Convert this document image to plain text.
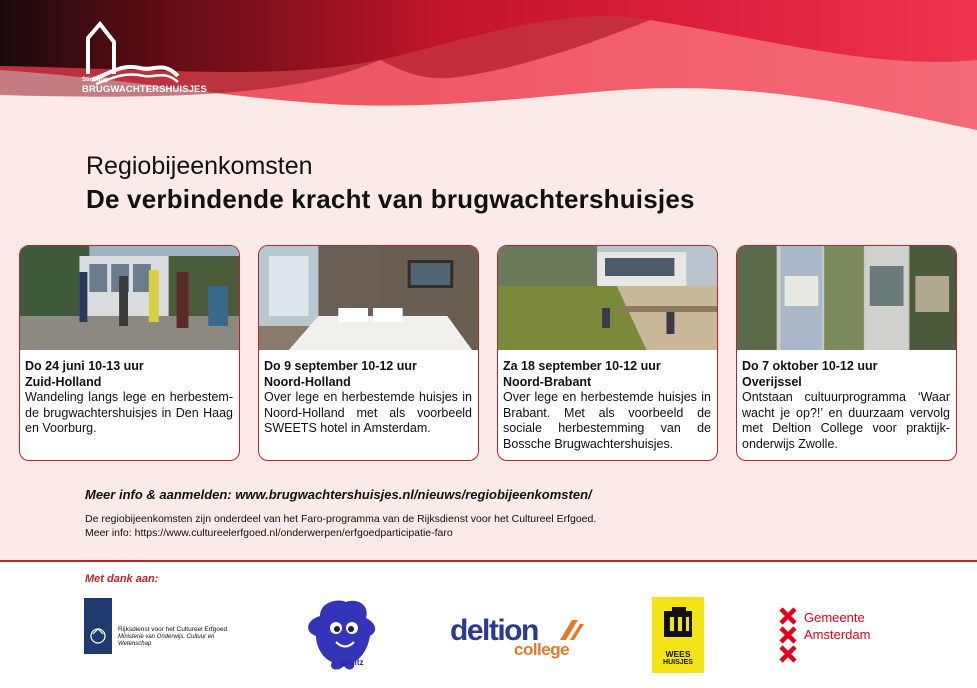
Stichting
BRUGWACHTERSHUISJES
Regiobijeenkomsten
De verbindende kracht van brugwachtershuisjes
Do 24 juni 10-13 uur
Zuid-Holland
Wandeling langs lege en herbestem-de brugwachtershuisjes in Den Haag en Voorburg.
Do 9 september 10-12 uur
Noord-Holland
Over lege en herbestemde huisjes in Noord-Holland met als voorbeeld SWEETS hotel in Amsterdam.
Za 18 september 10-12 uur
Noord-Brabant
Over lege en herbestemde huisjes in Brabant. Met als voorbeeld de sociale herbestemming van de Bossche Brugwachtershuisjes.
Do 7 oktober 10-12 uur
Overijssel
Ontstaan cultuurprogramma ‘Waar wacht je op?!’ en duurzaam vervolg met Deltion College voor praktijk-onderwijs Zwolle.
Meer info & aanmelden: www.brugwachtershuisjes.nl/nieuws/regiobijeenkomsten/
De regiobijeenkomsten zijn onderdeel van het Faro-programma van de Rijksdienst voor het Cultureel Erfgoed.
Meer info: https://www.cultureelerfgoed.nl/onderwerpen/erfgoedparticipatie-faro
Met dank aan:
Rijksdienst voor het Cultureel Erfgoed
Ministerie van Onderwijs, Cultuur en
Wetenschap
gooitz
deltion
college	WEES
HUISJES
Gemeente
Amsterdam
